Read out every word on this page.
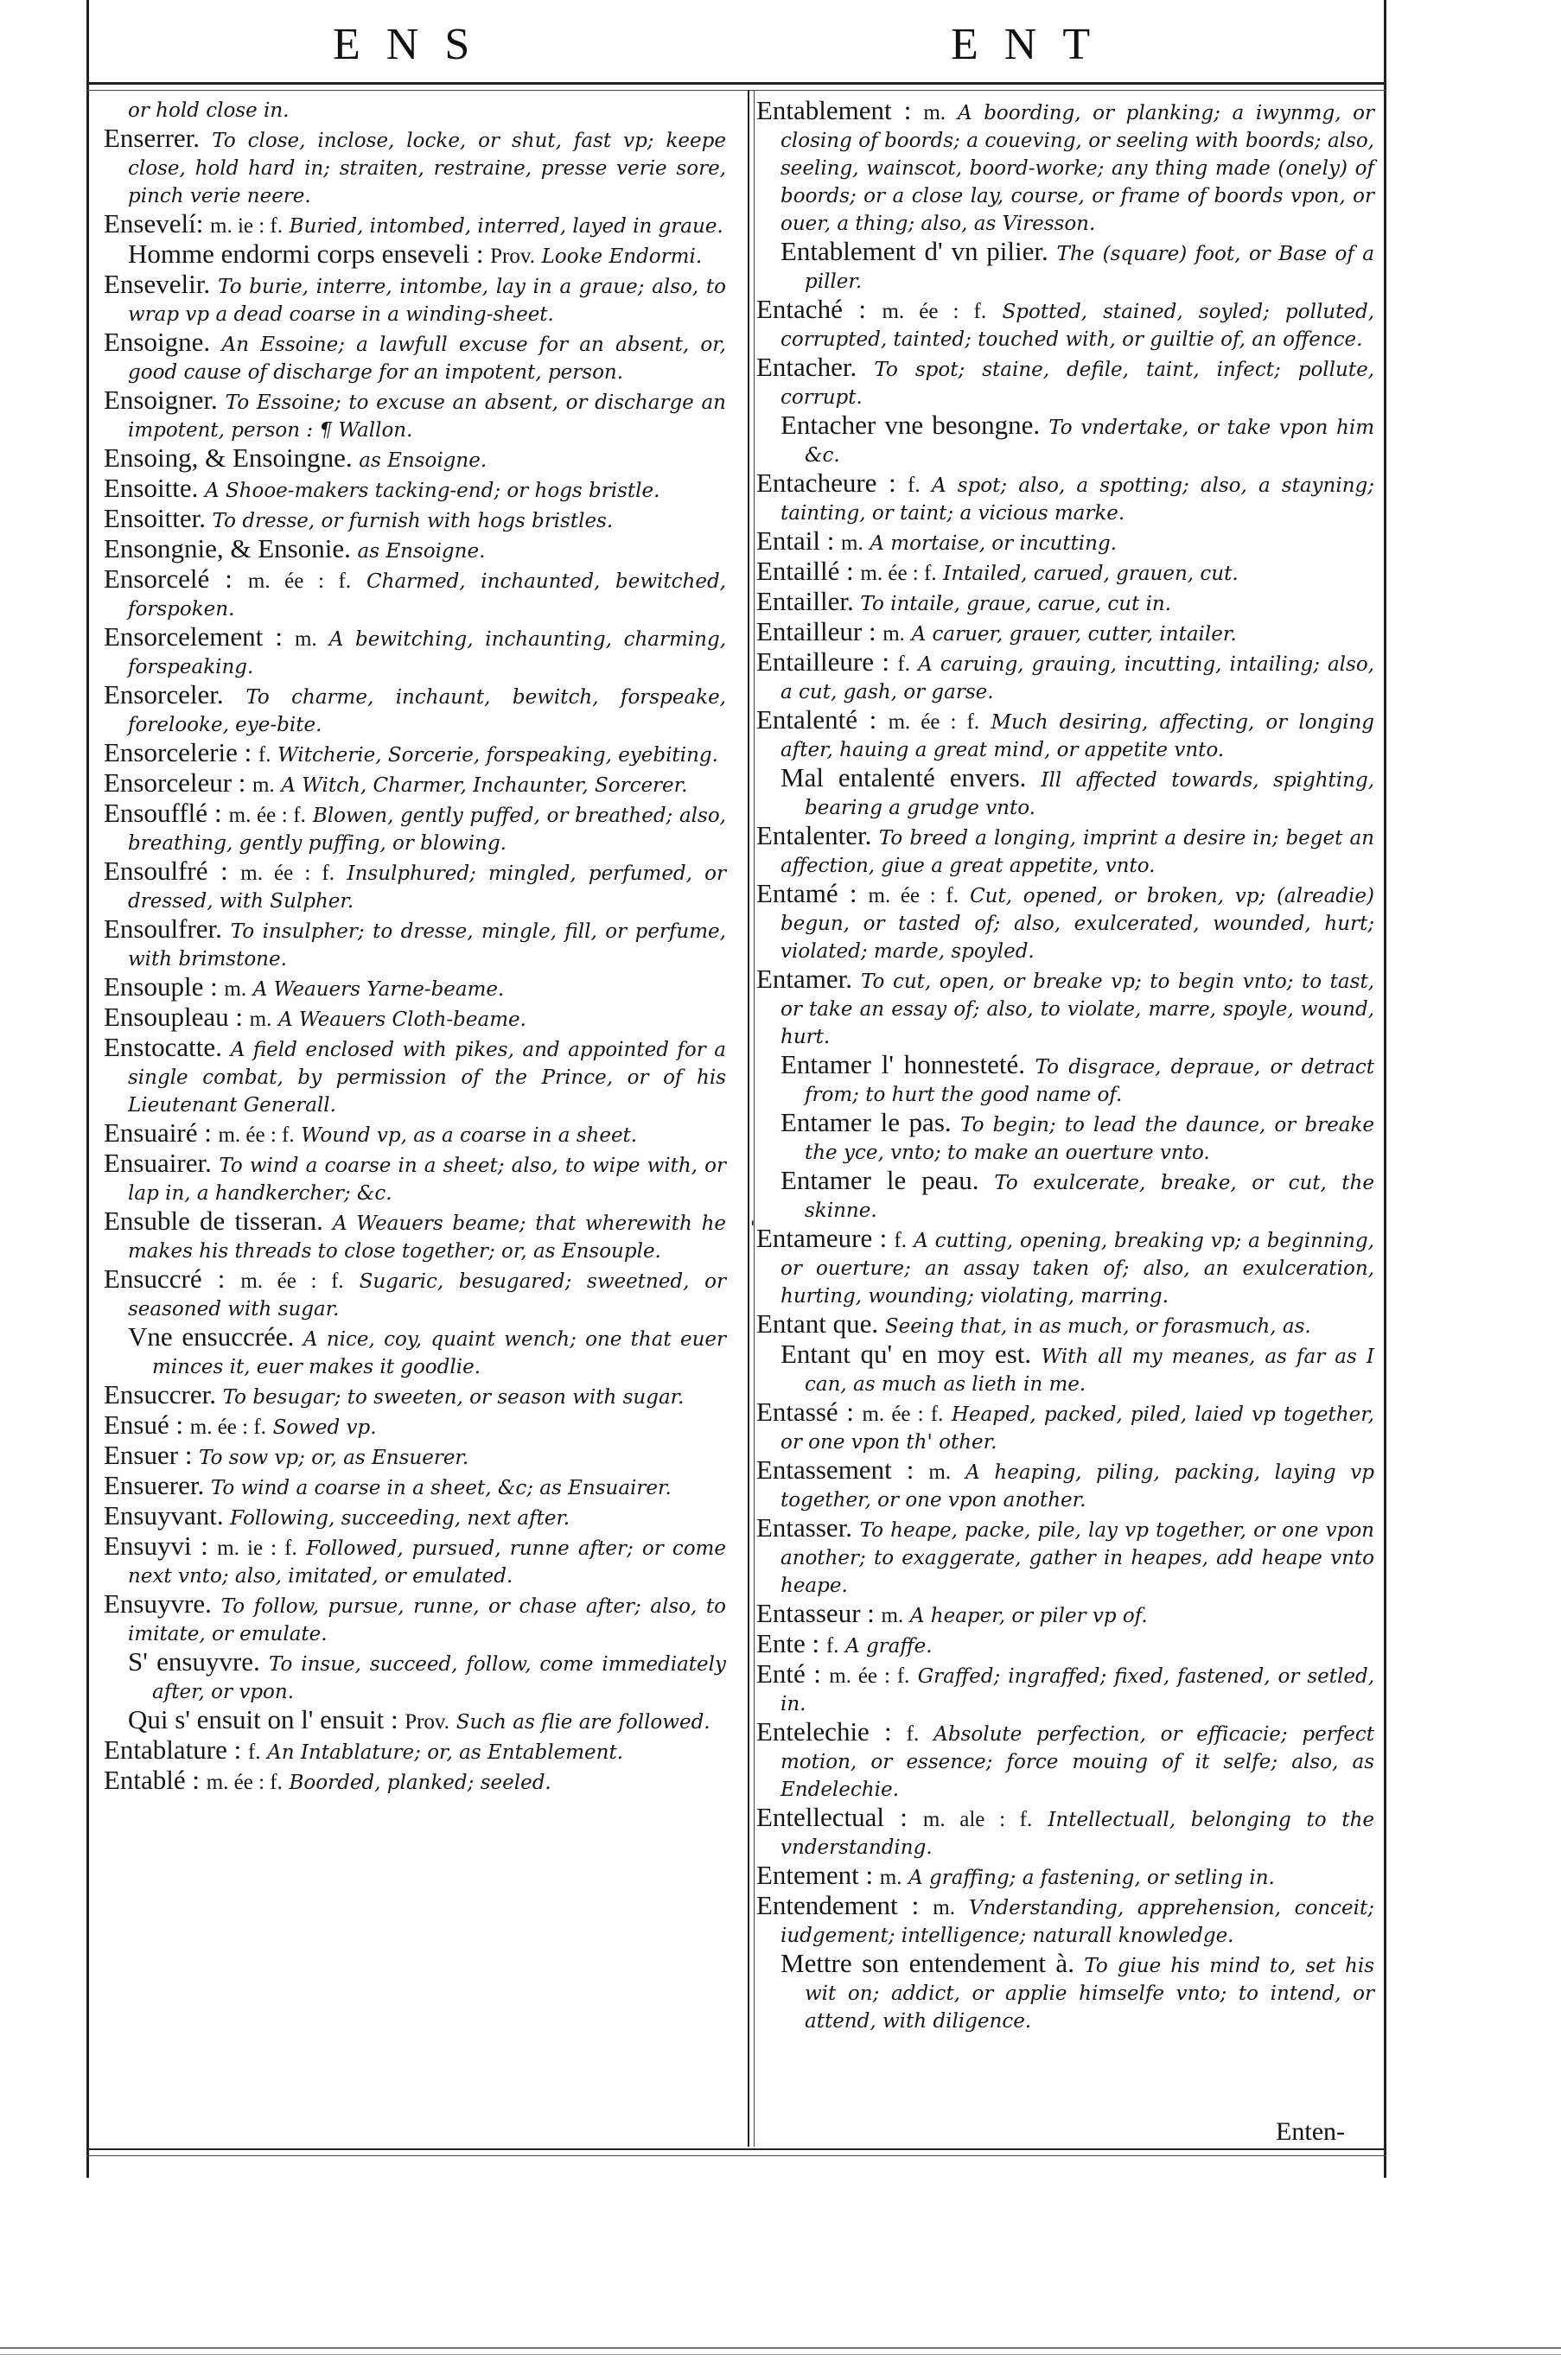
ENS	ENT

or hold close in.

Enserrer. To close, inclose, locke, or shut, fast vp; keepe close, hold hard in; straiten, restraine, presse verie sore, pinch verie neere.

Ensevelí: m. ie : f. Buried, intombed, interred, layed in graue.

Homme endormi corps enseveli : Prov. Looke Endormi.

Ensevelir. To burie, interre, intombe, lay in a graue; also, to wrap vp a dead coarse in a winding-sheet.

Ensoigne. An Essoine; a lawfull excuse for an absent, or, good cause of discharge for an impotent, person.

Ensoigner. To Essoine; to excuse an absent, or discharge an impotent, person : ¶ Wallon.

Ensoing, & Ensoingne. as Ensoigne.

Ensoitte. A Shooe-makers tacking-end; or hogs bristle.

Ensoitter. To dresse, or furnish with hogs bristles.

Ensongnie, & Ensonie. as Ensoigne.

Ensorcelé : m. ée : f. Charmed, inchaunted, bewitched, forspoken.

Ensorcelement : m. A bewitching, inchaunting, charming, forspeaking.

Ensorceler. To charme, inchaunt, bewitch, forspeake, forelooke, eye-bite.

Ensorcelerie : f. Witcherie, Sorcerie, forspeaking, eyebiting.

Ensorceleur : m. A Witch, Charmer, Inchaunter, Sorcerer.

Ensoufflé : m. ée : f. Blowen, gently puffed, or breathed; also, breathing, gently puffing, or blowing.

Ensoulfré : m. ée : f. Insulphured; mingled, perfumed, or dressed, with Sulpher.

Ensoulfrer. To insulpher; to dresse, mingle, fill, or perfume, with brimstone.

Ensouple : m. A Weauers Yarne-beame.

Ensoupleau : m. A Weauers Cloth-beame.

Enstocatte. A field enclosed with pikes, and appointed for a single combat, by permission of the Prince, or of his Lieutenant Generall.

Ensuairé : m. ée : f. Wound vp, as a coarse in a sheet.

Ensuairer. To wind a coarse in a sheet; also, to wipe with, or lap in, a handkercher; &c.

Ensuble de tisseran. A Weauers beame; that wherewith he makes his threads to close together; or, as Ensouple.

Ensuccré : m. ée : f. Sugaric, besugared; sweetned, or seasoned with sugar.

Vne ensuccrée. A nice, coy, quaint wench; one that euer minces it, euer makes it goodlie.

Ensuccrer. To besugar; to sweeten, or season with sugar.

Ensué : m. ée : f. Sowed vp.

Ensuer : To sow vp; or, as Ensuerer.

Ensuerer. To wind a coarse in a sheet, &c; as Ensuairer.

Ensuyvant. Following, succeeding, next after.

Ensuyvi : m. ie : f. Followed, pursued, runne after; or come next vnto; also, imitated, or emulated.

Ensuyvre. To follow, pursue, runne, or chase after; also, to imitate, or emulate.

S' ensuyvre. To insue, succeed, follow, come immediately after, or vpon.

Qui s' ensuit on l' ensuit : Prov. Such as flie are followed.

Entablature : f. An Intablature; or, as Entablement.

Entablé : m. ée : f. Boorded, planked; seeled.

Entablement : m. A boording, or planking; a iwynmg, or closing of boords; a coueving, or seeling with boords; also, seeling, wainscot, boord-worke; any thing made (onely) of boords; or a close lay, course, or frame of boords vpon, or ouer, a thing; also, as Viresson.

Entablement d' vn pilier. The (square) foot, or Base of a piller.

Entaché : m. ée : f. Spotted, stained, soyled; polluted, corrupted, tainted; touched with, or guiltie of, an offence.

Entacher. To spot; staine, defile, taint, infect; pollute, corrupt.

Entacher vne besongne. To vndertake, or take vpon him &c.

Entacheure : f. A spot; also, a spotting; also, a stayning; tainting, or taint; a vicious marke.

Entail : m. A mortaise, or incutting.

Entaillé : m. ée : f. Intailed, carued, grauen, cut.

Entailler. To intaile, graue, carue, cut in.

Entailleur : m. A caruer, grauer, cutter, intailer.

Entailleure : f. A caruing, grauing, incutting, intailing; also, a cut, gash, or garse.

Entalenté : m. ée : f. Much desiring, affecting, or longing after, hauing a great mind, or appetite vnto.

Mal entalenté envers. Ill affected towards, spighting, bearing a grudge vnto.

Entalenter. To breed a longing, imprint a desire in; beget an affection, giue a great appetite, vnto.

Entamé : m. ée : f. Cut, opened, or broken, vp; (alreadie) begun, or tasted of; also, exulcerated, wounded, hurt; violated; marde, spoyled.

Entamer. To cut, open, or breake vp; to begin vnto; to tast, or take an essay of; also, to violate, marre, spoyle, wound, hurt.

Entamer l' honnesteté. To disgrace, depraue, or detract from; to hurt the good name of.

Entamer le pas. To begin; to lead the daunce, or breake the yce, vnto; to make an ouerture vnto.

Entamer le peau. To exulcerate, breake, or cut, the skinne.

Entameure : f. A cutting, opening, breaking vp; a beginning, or ouerture; an assay taken of; also, an exulceration, hurting, wounding; violating, marring.

Entant que. Seeing that, in as much, or forasmuch, as.

Entant qu' en moy est. With all my meanes, as far as I can, as much as lieth in me.

Entassé : m. ée : f. Heaped, packed, piled, laied vp together, or one vpon th' other.

Entassement : m. A heaping, piling, packing, laying vp together, or one vpon another.

Entasser. To heape, packe, pile, lay vp together, or one vpon another; to exaggerate, gather in heapes, add heape vnto heape.

Entasseur : m. A heaper, or piler vp of.

Ente : f. A graffe.

Enté : m. ée : f. Graffed; ingraffed; fixed, fastened, or setled, in.

Entelechie : f. Absolute perfection, or efficacie; perfect motion, or essence; force mouing of it selfe; also, as Endelechie.

Entellectual : m. ale : f. Intellectuall, belonging to the vnderstanding.

Entement : m. A graffing; a fastening, or setling in.

Entendement : m. Vnderstanding, apprehension, conceit; iudgement; intelligence; naturall knowledge.

Mettre son entendement à. To giue his mind to, set his wit on; addict, or applie himselfe vnto; to intend, or attend, with diligence.

'
Enten-
